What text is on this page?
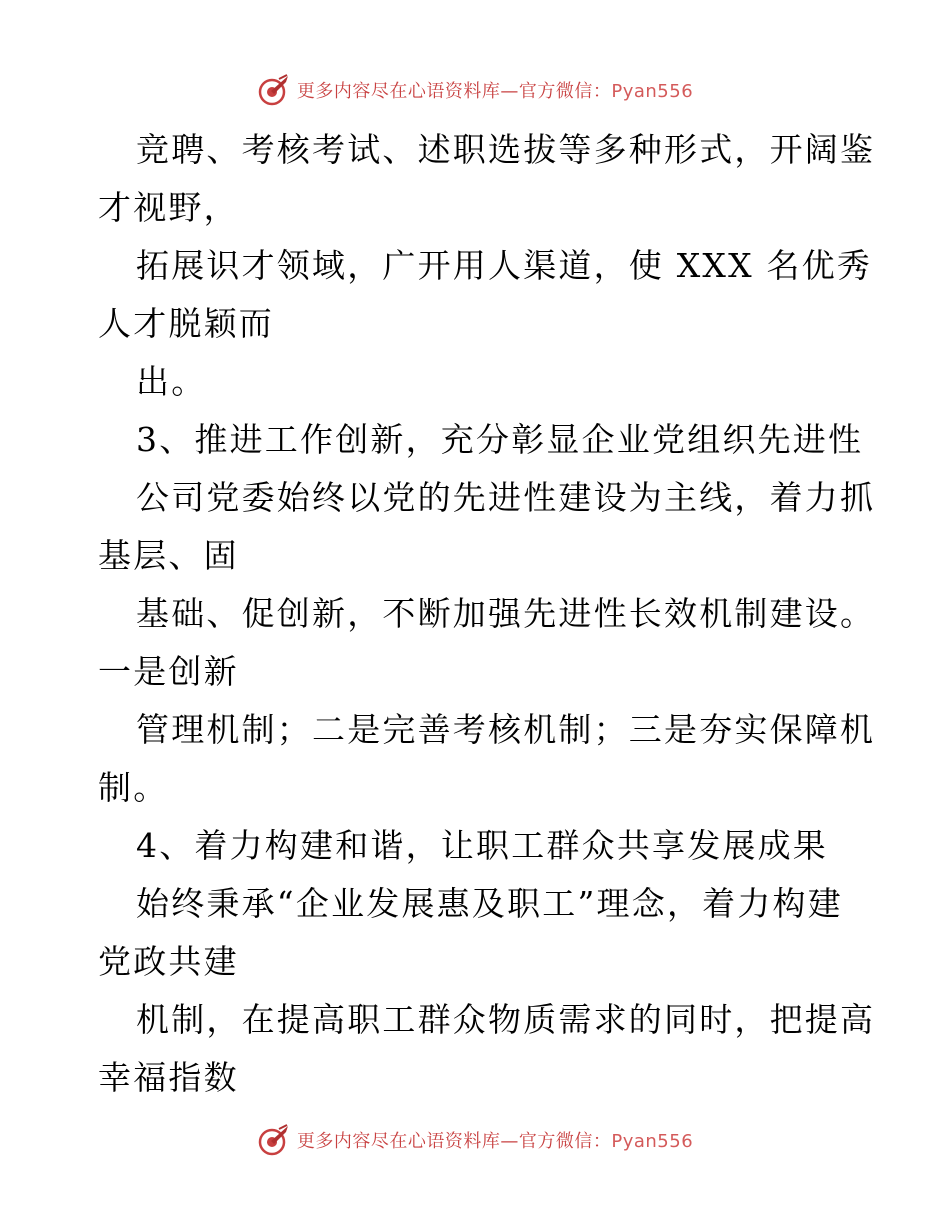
更多内容尽在心语资料库—官方微信：Pyan556
竞聘、考核考试、述职选拔等多种形式，开阔鉴
才视野，
拓展识才领域，广开用人渠道，使 XXX 名优秀
人才脱颖而
出。
3、推进工作创新，充分彰显企业党组织先进性
公司党委始终以党的先进性建设为主线，着力抓
基层、固
基础、促创新，不断加强先进性长效机制建设。
一是创新
管理机制；二是完善考核机制；三是夯实保障机
制。
4、着力构建和谐，让职工群众共享发展成果
始终秉承“企业发展惠及职工”理念，着力构建
党政共建
机制，在提高职工群众物质需求的同时，把提高
幸福指数
更多内容尽在心语资料库—官方微信：Pyan556
